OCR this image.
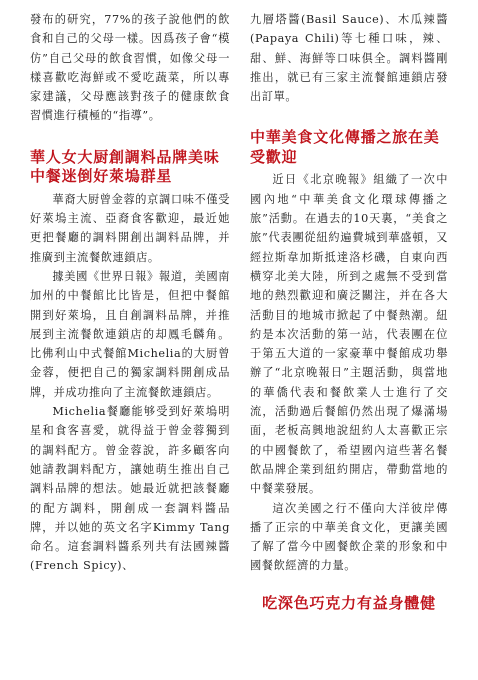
發布的研究，77%的孩子說他們的飲食和自己的父母一樣。因爲孩子會“模仿”自己父母的飲食習慣，如像父母一樣喜歡吃海鮮或不愛吃蔬菜，所以專家建議，父母應該對孩子的健康飲食習慣進行積極的“指導”。

華人女大厨創調料品牌美味中餐迷倒好萊塢群星

華裔大厨曾金蓉的京調口味不僅受好萊塢主流、亞裔食客歡迎，最近她更把餐廳的調料開創出調料品牌，并推廣到主流餐飲連鎖店。

據美國《世界日報》報道，美國南加州的中餐館比比皆是，但把中餐館開到好萊塢，且自創調料品牌，并推展到主流餐飲連鎖店的却鳳毛麟角。比佛利山中式餐館Michelia的大厨曾金蓉，便把自己的獨家調料開創成品牌，并成功推向了主流餐飲連鎖店。

Michelia餐廳能够受到好萊塢明星和食客喜愛，就得益于曾金蓉獨到的調料配方。曾金蓉說，許多顧客向她請教調料配方，讓她萌生推出自己調料品牌的想法。她最近就把該餐廳的配方調料，開創成一套調料醬品牌，并以她的英文名字Kimmy Tang命名。這套調料醬系列共有法國辣醬(French Spicy)、

九層塔醬(Basil Sauce)、木瓜辣醬(Papaya Chili)等七種口味，辣、甜、鮮、海鮮等口味俱全。調料醬剛推出，就已有三家主流餐館連鎖店發出訂單。

中華美食文化傳播之旅在美受歡迎

近日《北京晚報》組織了一次中國內地“中華美食文化環球傳播之旅”活動。在過去的10天裏，“美食之旅”代表團從紐約遍費城到華盛頓，又經拉斯韋加斯抵達洛杉磯，自東向西横穿北美大陸，所到之處無不受到當地的熱烈歡迎和廣泛關注，并在各大活動目的地城市掀起了中餐熱潮。紐約是本次活動的第一站，代表團在位于第五大道的一家豪華中餐館成功舉辦了“北京晚報日”主題活動，與當地的華僑代表和餐飲業人士進行了交流，活動過后餐館仍然出現了爆滿場面，老板高興地說紐約人太喜歡正宗的中國餐飲了，希望國內這些著名餐飲品牌企業到紐約開店，帶動當地的中餐業發展。

這次美國之行不僅向大洋彼岸傳播了正宗的中華美食文化，更讓美國了解了當今中國餐飲企業的形象和中國餐飲經濟的力量。

吃深色巧克力有益身體健
